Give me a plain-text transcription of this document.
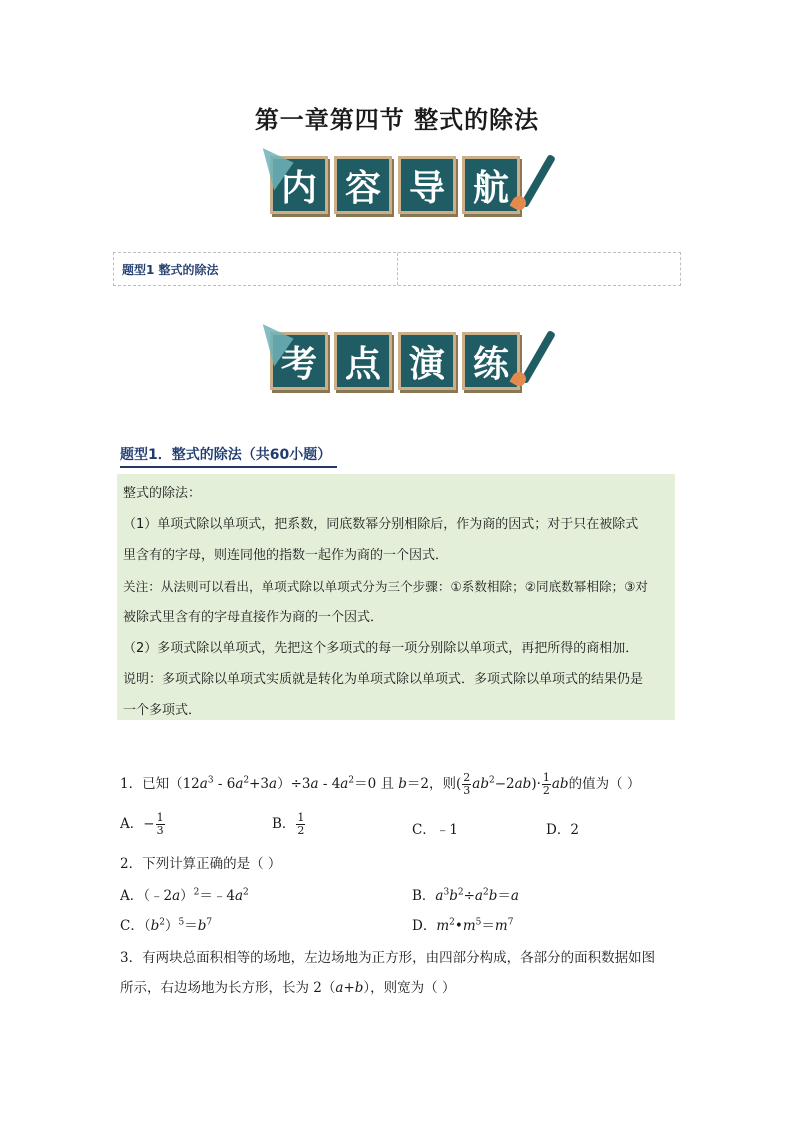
第一章第四节 整式的除法
内 容 导 航
题型1 整式的除法
考 点 演 练
题型1．整式的除法（共60小题）

整式的除法：

（1）单项式除以单项式，把系数，同底数幂分别相除后，作为商的因式；对于只在被除式

里含有的字母，则连同他的指数一起作为商的一个因式．

关注：从法则可以看出，单项式除以单项式分为三个步骤：①系数相除；②同底数幂相除；③对

被除式里含有的字母直接作为商的一个因式．

（2）多项式除以单项式，先把这个多项式的每一项分别除以单项式，再把所得的商相加．

说明：多项式除以单项式实质就是转化为单项式除以单项式．多项式除以单项式的结果仍是

一个多项式．

1．已知$(12a^3 - 6a^2+3a)\div 3a - 4a^2=0$ 且 b＝2，则( $\frac{2}{3} ab^2-2ab)\cdot \frac{1}{2}$ ab的值为（ ）
A．− $\frac{1}{3}$	B． $\frac{1}{2}$	C．﹣1	D．2
2．下列计算正确的是（ ）
A．$(﹣2a)^2=﹣4a^2$	B．$a^3b^2\div a^2b=a$
C．$(b^2)^5=b^7$	D．$m^2•m^5=m^7$
3．有两块总面积相等的场地，左边场地为正方形，由四部分构成，各部分的面积数据如图
所示，右边场地为长方形，长为 2（a+b），则宽为（ ）
